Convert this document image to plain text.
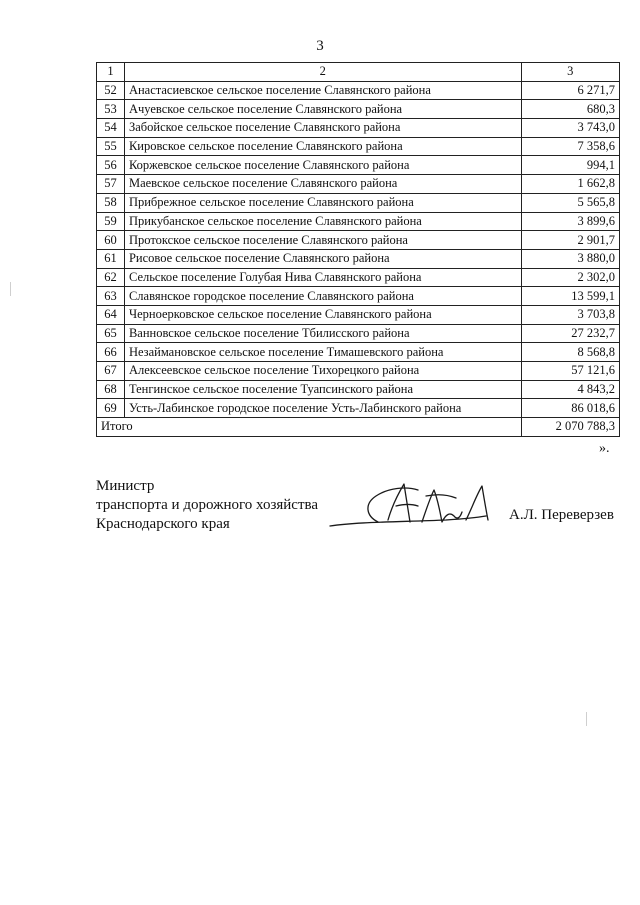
3
1	2	3
52	Анастасиевское сельское поселение Славянского района	6 271,7
53	Ачуевское сельское поселение Славянского района	680,3
54	Забойское сельское поселение Славянского района	3 743,0
55	Кировское сельское поселение Славянского района	7 358,6
56	Коржевское сельское поселение Славянского района	994,1
57	Маевское сельское поселение Славянского района	1 662,8
58	Прибрежное сельское поселение Славянского района	5 565,8
59	Прикубанское сельское поселение Славянского района	3 899,6
60	Протокское сельское поселение Славянского района	2 901,7
61	Рисовое сельское поселение Славянского района	3 880,0
62	Сельское поселение Голубая Нива Славянского района	2 302,0
63	Славянское городское поселение Славянского района	13 599,1
64	Черноерковское сельское поселение Славянского района	3 703,8
65	Ванновское сельское поселение Тбилисского района	27 232,7
66	Незаймановское сельское поселение Тимашевского района	8 568,8
67	Алексеевское сельское поселение Тихорецкого района	57 121,6
68	Тенгинское сельское поселение Туапсинского района	4 843,2
69	Усть-Лабинское городское поселение Усть-Лабинского района	86 018,6
Итого		2 070 788,3
».
Министр
транспорта и дорожного хозяйства
Краснодарского края
А.Л. Переверзев
